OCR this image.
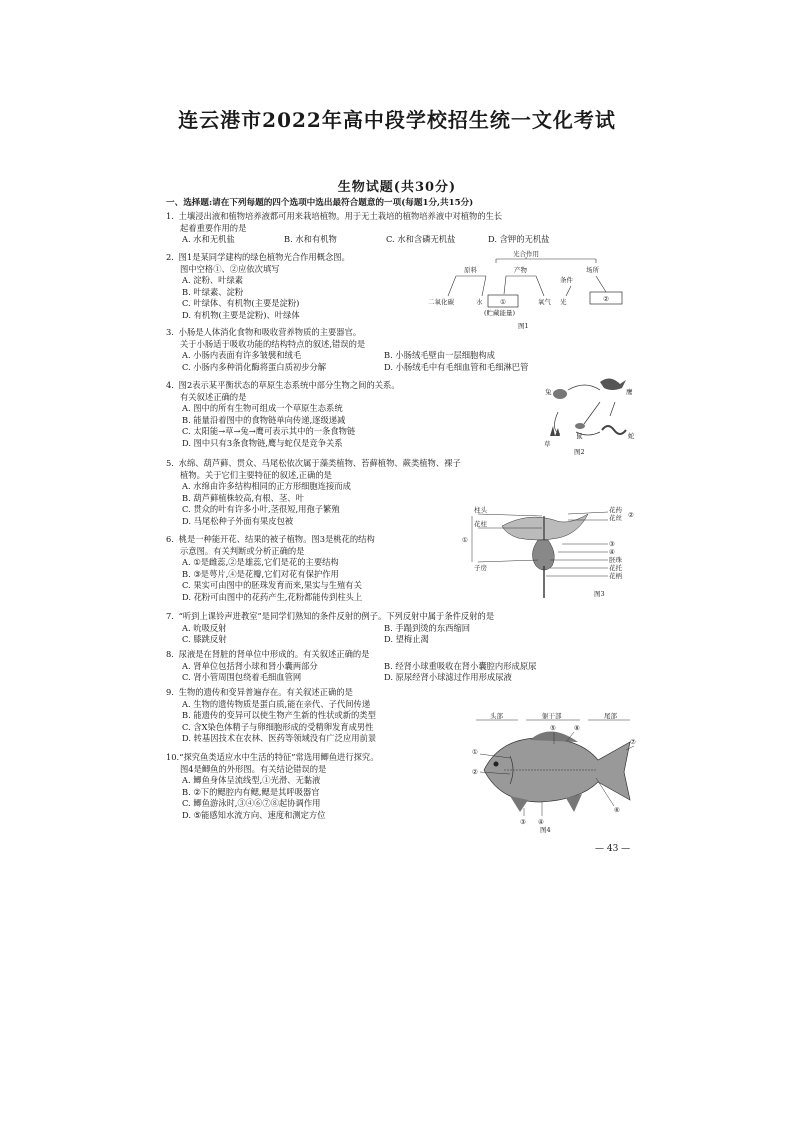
连云港市2022年高中段学校招生统一文化考试
生物试题(共30分)
一、选择题:请在下列每题的四个选项中选出最符合题意的一项(每题1分,共15分)
1. 土壤浸出液和植物培养液都可用来栽培植物。用于无土栽培的植物培养液中对植物的生长
起着重要作用的是
A. 水和无机盐	B. 水和有机物	C. 水和含磷无机盐	D. 含钾的无机盐
2. 图1是某同学建构的绿色植物光合作用概念图。
图中空格①、②应依次填写
A. 淀粉、叶绿素
B. 叶绿素、淀粉
C. 叶绿体、有机物(主要是淀粉)
D. 有机物(主要是淀粉)、叶绿体
3. 小肠是人体消化食物和吸收营养物质的主要器官。
关于小肠适于吸收功能的结构特点的叙述,错误的是
A. 小肠内表面有许多皱襞和绒毛	B. 小肠绒毛壁由一层细胞构成
C. 小肠内多种消化酶将蛋白质初步分解	D. 小肠绒毛中有毛细血管和毛细淋巴管
4. 图2表示某平衡状态的草原生态系统中部分生物之间的关系。
有关叙述正确的是
A. 图中的所有生物可组成一个草原生态系统
B. 能量沿着图中的食物链单向传递,逐级递减
C. 太阳能→草→兔→鹰可表示其中的一条食物链
D. 图中只有3条食物链,鹰与蛇仅是竞争关系
5. 水绵、葫芦藓、贯众、马尾松依次属于藻类植物、苔藓植物、蕨类植物、裸子
植物。关于它们主要特征的叙述,正确的是
A. 水绵由许多结构相同的正方形细胞连接而成
B. 葫芦藓植株较高,有根、茎、叶
C. 贯众的叶有许多小叶,茎很短,用孢子繁殖
D. 马尾松种子外面有果皮包被
6. 桃是一种能开花、结果的被子植物。图3是桃花的结构
示意图。有关判断或分析正确的是
A. ①是雌蕊,②是雄蕊,它们是花的主要结构
B. ③是萼片,④是花瓣,它们对花有保护作用
C. 果实可由图中的胚珠发育而来,果实与生殖有关
D. 花粉可由图中的花药产生,花粉都能传到柱头上
7. “听到上课铃声进教室”是同学们熟知的条件反射的例子。下列反射中属于条件反射的是
A. 吮吸反射	B. 手蹋到烫的东西缩回
C. 膝跳反射	D. 望梅止渴
8. 尿液是在肾脏的肾单位中形成的。有关叙述正确的是
A. 肾单位包括肾小球和肾小囊两部分	B. 经肾小球重吸收在肾小囊腔内形成原尿
C. 肾小管周围包绕着毛细血管网	D. 原尿经肾小球滤过作用形成尿液
9. 生物的遗传和变异普遍存在。有关叙述正确的是
A. 生物的遗传物质是蛋白质,能在亲代、子代间传递
B. 能遗传的变异可以使生物产生新的性状或新的类型
C. 含X染色体精子与卵细胞形成的受精卵发育成男性
D. 转基因技术在农林、医药等领域没有广泛应用前景
10.“探究鱼类适应水中生活的特征”常选用鲫鱼进行探究。
图4是鲫鱼的外形图。有关结论错误的是
A. 鲫鱼身体呈流线型,①光滑、无黏液
B. ②下的鳃腔内有鳃,鳃是其呼吸器官
C. 鲫鱼游泳时,③④⑥⑦⑧起协调作用
D. ⑤能感知水流方向、速度和测定方位
光合作用
原料	产物
条件
场所
二氧化碳	水	①
(贮藏能量)
氧气 光	②
图1
兔	鹰
草
鼠	蛇
图2
柱头
花柱
子房
①
花药
花丝 ②
③
④
胚珠
花托
花柄
图3
头部	躯干部	尾部
①
②
③ ④
⑤
⑥
⑦
⑧
图4
— 43 —
